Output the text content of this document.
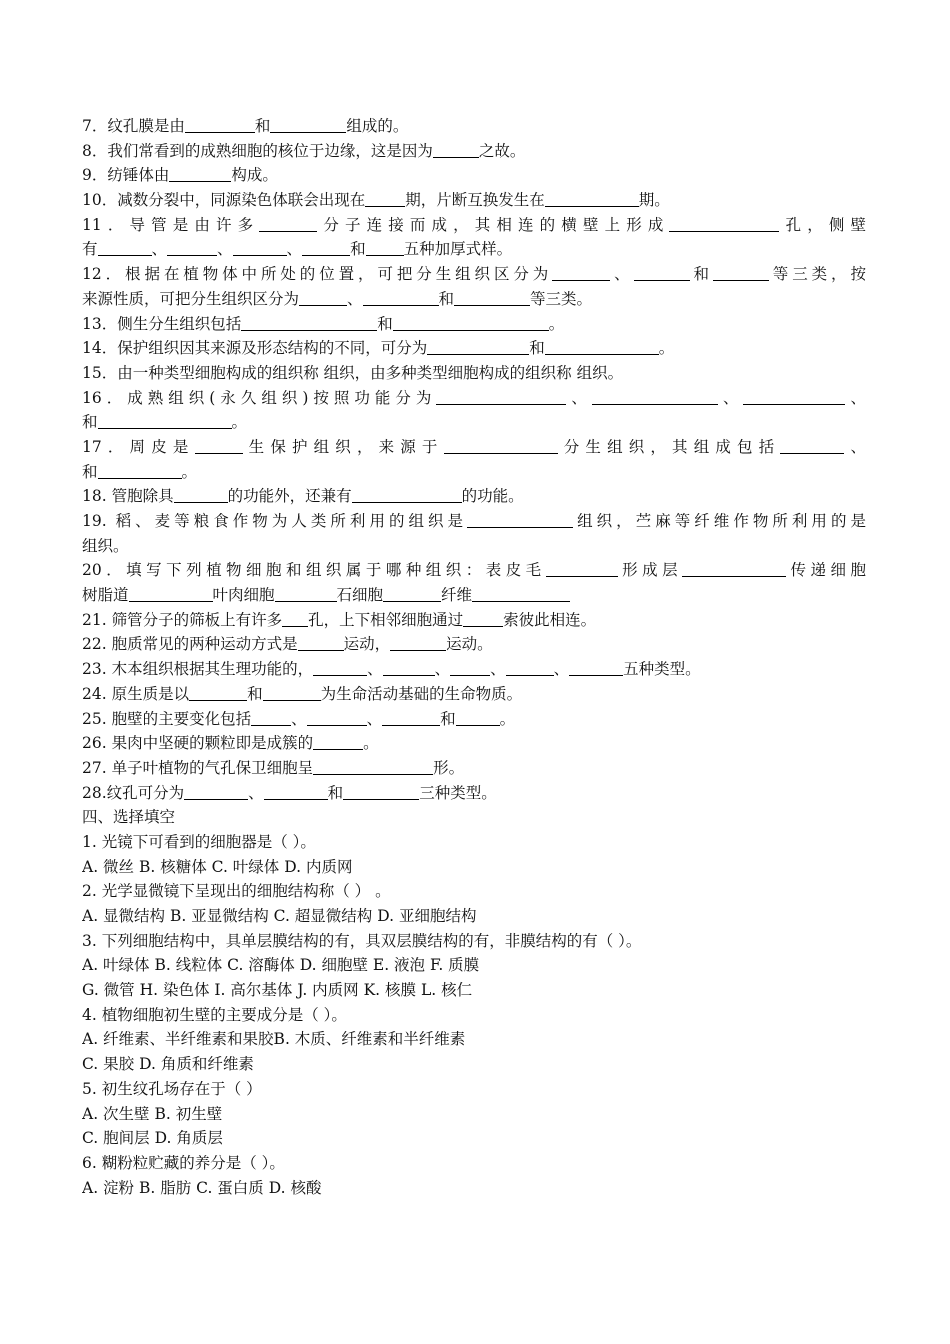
7．纹孔膜是由	和	组成的。
8．我们常看到的成熟细胞的核位于边缘，这是因为	之故。
9．纺锤体由	构成。
10．减数分裂中，同源染色体联会出现在	期，片断互换发生在	期。
11．导管是由许多	分子连接而成，其相连的横壁上形成	孔，侧壁
有	、	、	、	和 五种加厚式样。
12．根据在植物体中所处的位置，可把分生组织区分为	、	和	等三类，按
来源性质，可把分生组织区分为	、	和	等三类。
13．侧生分生组织包括	和	。
14．保护组织因其来源及形态结构的不同，可分为	和	。
15．由一种类型细胞构成的组织称 组织，由多种类型细胞构成的组织称 组织。
16．成熟组织(永久组织)按照功能分为	、	、	、
和	。
17．周皮是	生保护组织，来源于	分生组织，其组成包括	、
和	。
18. 管胞除具	的功能外，还兼有	的功能。
19. 稻、麦等粮食作物为人类所利用的组织是	组织，苎麻等纤维作物所利用的是
组织。
20．填写下列植物细胞和组织属于哪种组织：表皮毛	形成层	传递细胞
树脂道	叶肉细胞	石细胞	纤维
21. 筛管分子的筛板上有许多 孔，上下相邻细胞通过	索彼此相连。
22. 胞质常见的两种运动方式是	运动，	运动。
23. 木本组织根据其生理功能的，	、	、	、	、	五种类型。
24. 原生质是以	和	为生命活动基础的生命物质。
25. 胞壁的主要变化包括	、	、	和	。
26. 果肉中坚硬的颗粒即是成簇的	。
27. 单子叶植物的气孔保卫细胞呈	形。
28.纹孔可分为	、	和	三种类型。
四、选择填空
1. 光镜下可看到的细胞器是（ ）。
A. 微丝 B. 核糖体 C. 叶绿体 D. 内质网
2. 光学显微镜下呈现出的细胞结构称（ ） 。
A. 显微结构 B. 亚显微结构 C. 超显微结构 D. 亚细胞结构
3. 下列细胞结构中，具单层膜结构的有，具双层膜结构的有，非膜结构的有（ ）。
A. 叶绿体 B. 线粒体 C. 溶酶体 D. 细胞壁 E. 液泡 F. 质膜
G. 微管 H. 染色体 I. 高尔基体 J. 内质网 K. 核膜 L. 核仁
4. 植物细胞初生壁的主要成分是（ ）。
A. 纤维素、半纤维素和果胶B. 木质、纤维素和半纤维素
C. 果胶 D. 角质和纤维素
5. 初生纹孔场存在于（ ）
A. 次生壁 B. 初生壁
C. 胞间层 D. 角质层
6. 糊粉粒贮藏的养分是（ ）。
A. 淀粉 B. 脂肪 C. 蛋白质 D. 核酸
